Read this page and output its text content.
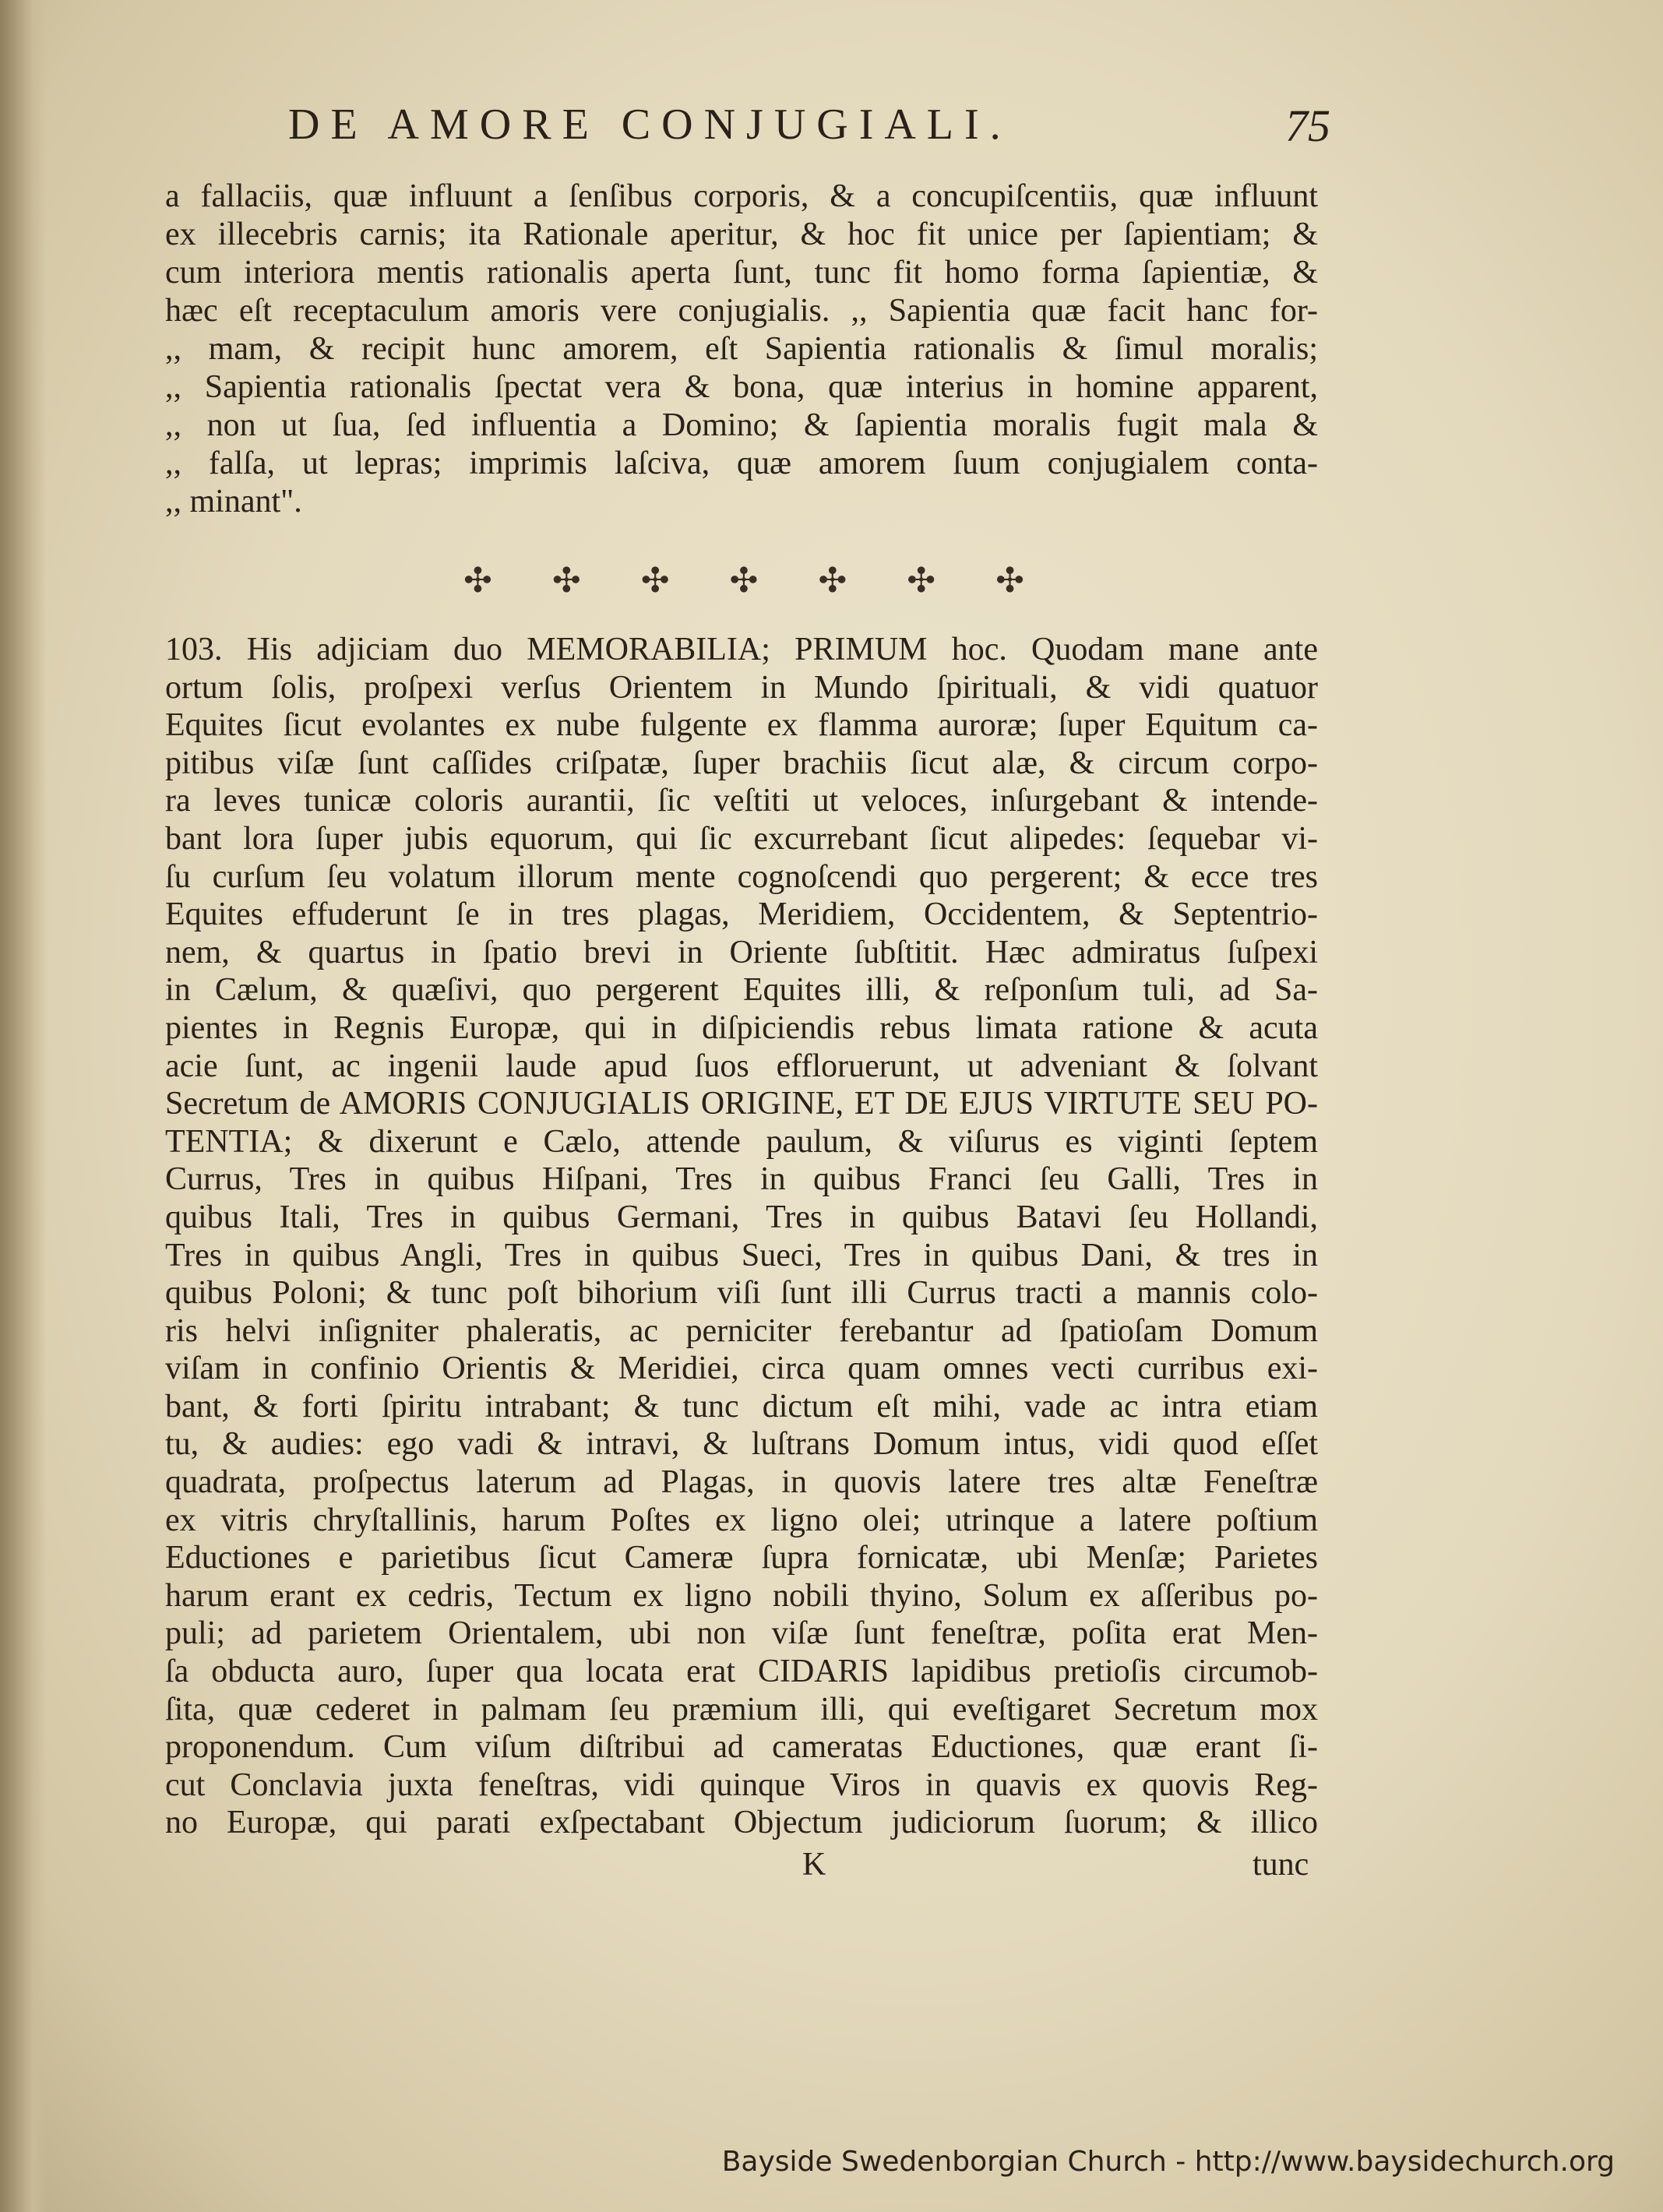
DE AMORE CONJUGIALI.	75
a fallaciis, quæ influunt a ſenſibus corporis, & a concupiſcentiis, quæ influunt
ex illecebris carnis; ita Rationale aperitur, & hoc fit unice per ſapientiam; &
cum interiora mentis rationalis aperta ſunt, tunc fit homo forma ſapientiæ, &
hæc eſt receptaculum amoris vere conjugialis. ,, Sapientia quæ facit hanc for-
,, mam, & recipit hunc amorem, eſt Sapientia rationalis & ſimul moralis;
,, Sapientia rationalis ſpectat vera & bona, quæ interius in homine apparent,
,, non ut ſua, ſed influentia a Domino; & ſapientia moralis fugit mala &
,, falſa, ut lepras; imprimis laſciva, quæ amorem ſuum conjugialem conta-
,, minant".
✣ ✣ ✣ ✣ ✣ ✣ ✣
103. His adjiciam duo MEMORABILIA; PRIMUM hoc. Quodam mane ante
ortum ſolis, proſpexi verſus Orientem in Mundo ſpirituali, & vidi quatuor
Equites ſicut evolantes ex nube fulgente ex flamma auroræ; ſuper Equitum ca-
pitibus viſæ ſunt caſſides criſpatæ, ſuper brachiis ſicut alæ, & circum corpo-
ra leves tunicæ coloris aurantii, ſic veſtiti ut veloces, inſurgebant & intende-
bant lora ſuper jubis equorum, qui ſic excurrebant ſicut alipedes: ſequebar vi-
ſu curſum ſeu volatum illorum mente cognoſcendi quo pergerent; & ecce tres
Equites effuderunt ſe in tres plagas, Meridiem, Occidentem, & Septentrio-
nem, & quartus in ſpatio brevi in Oriente ſubſtitit. Hæc admiratus ſuſpexi
in Cælum, & quæſivi, quo pergerent Equites illi, & reſponſum tuli, ad Sa-
pientes in Regnis Europæ, qui in diſpiciendis rebus limata ratione & acuta
acie ſunt, ac ingenii laude apud ſuos effloruerunt, ut adveniant & ſolvant
Secretum de AMORIS CONJUGIALIS ORIGINE, ET DE EJUS VIRTUTE SEU PO-
TENTIA; & dixerunt e Cælo, attende paulum, & viſurus es viginti ſeptem
Currus, Tres in quibus Hiſpani, Tres in quibus Franci ſeu Galli, Tres in
quibus Itali, Tres in quibus Germani, Tres in quibus Batavi ſeu Hollandi,
Tres in quibus Angli, Tres in quibus Sueci, Tres in quibus Dani, & tres in
quibus Poloni; & tunc poſt bihorium viſi ſunt illi Currus tracti a mannis colo-
ris helvi inſigniter phaleratis, ac perniciter ferebantur ad ſpatioſam Domum
viſam in confinio Orientis & Meridiei, circa quam omnes vecti curribus exi-
bant, & forti ſpiritu intrabant; & tunc dictum eſt mihi, vade ac intra etiam
tu, & audies: ego vadi & intravi, & luſtrans Domum intus, vidi quod eſſet
quadrata, proſpectus laterum ad Plagas, in quovis latere tres altæ Feneſtræ
ex vitris chryſtallinis, harum Poſtes ex ligno olei; utrinque a latere poſtium
Eductiones e parietibus ſicut Cameræ ſupra fornicatæ, ubi Menſæ; Parietes
harum erant ex cedris, Tectum ex ligno nobili thyino, Solum ex aſſeribus po-
puli; ad parietem Orientalem, ubi non viſæ ſunt feneſtræ, poſita erat Men-
ſa obducta auro, ſuper qua locata erat CIDARIS lapidibus pretioſis circumob-
ſita, quæ cederet in palmam ſeu præmium illi, qui eveſtigaret Secretum mox
proponendum. Cum viſum diſtribui ad cameratas Eductiones, quæ erant ſi-
cut Conclavia juxta feneſtras, vidi quinque Viros in quavis ex quovis Reg-
no Europæ, qui parati exſpectabant Objectum judiciorum ſuorum; & illico
K	tunc
Bayside Swedenborgian Church - http://www.baysidechurch.org
